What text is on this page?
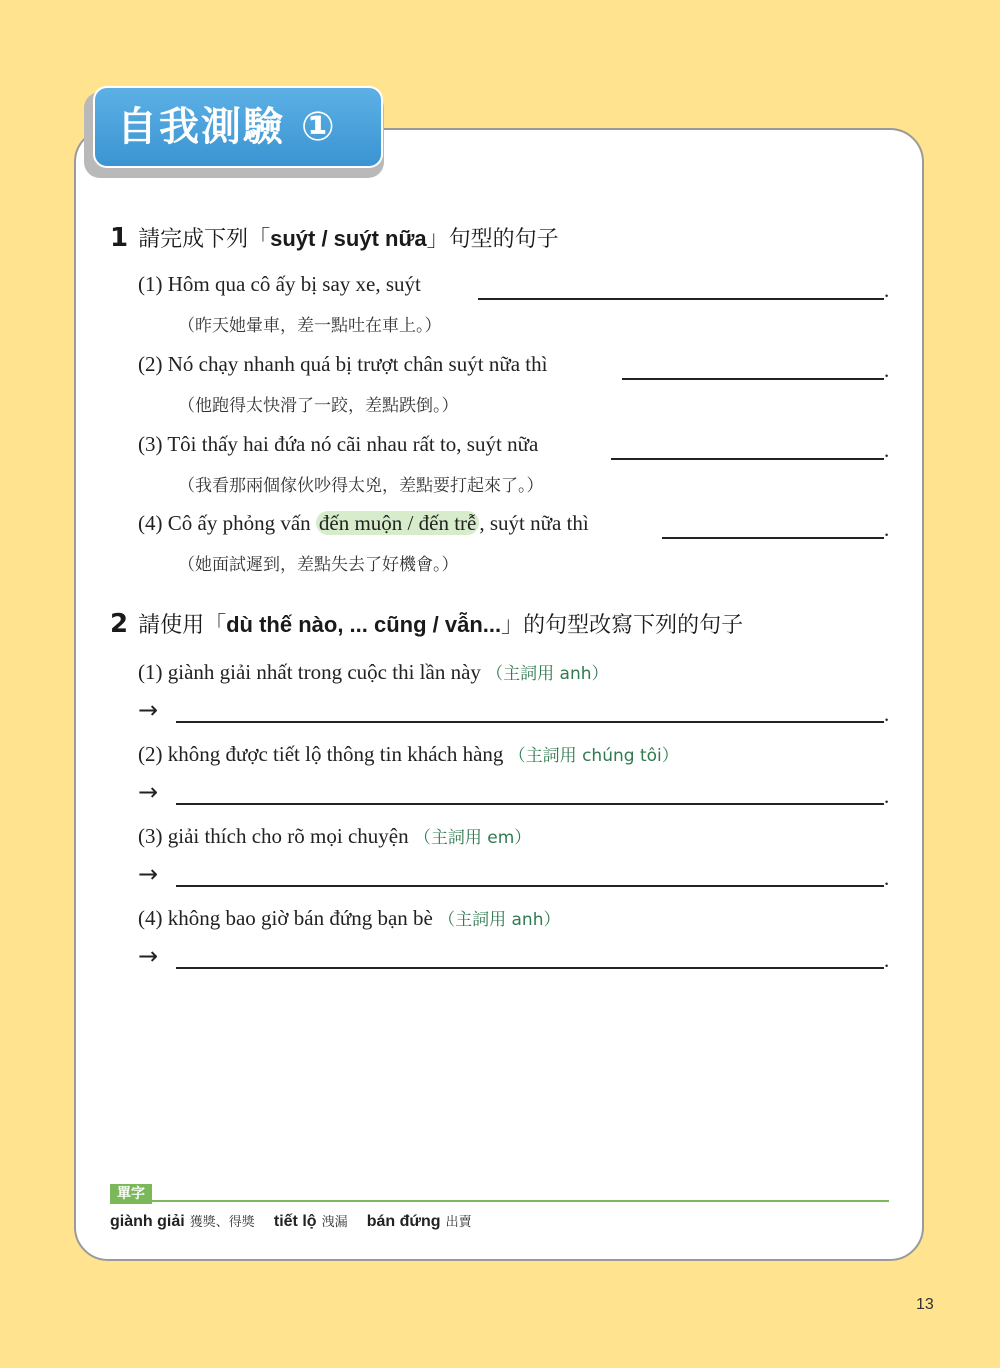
自我測驗 ①
1 請完成下列「suýt / suýt nữa」句型的句子
(1) Hôm qua cô ấy bị say xe, suýt	.
（昨天她暈車，差一點吐在車上。）
(2) Nó chạy nhanh quá bị trượt chân suýt nữa thì	.
（他跑得太快滑了一跤，差點跌倒。）
(3) Tôi thấy hai đứa nó cãi nhau rất to, suýt nữa	.
（我看那兩個傢伙吵得太兇，差點要打起來了。）
(4) Cô ấy phỏng vấn đến muộn / đến trễ , suýt nữa thì	.
（她面試遲到，差點失去了好機會。）
2 請使用「dù thế nào, ... cũng / vẫn...」的句型改寫下列的句子
(1) giành giải nhất trong cuộc thi lần này （主詞用 anh）
→	.
(2) không được tiết lộ thông tin khách hàng （主詞用 chúng tôi）
→	.
(3) giải thích cho rõ mọi chuyện （主詞用 em）
→	.
(4) không bao giờ bán đứng bạn bè （主詞用 anh）
→	.
單字
giành giải 獲獎、得獎 tiết lộ 洩漏 bán đứng 出賣
13
